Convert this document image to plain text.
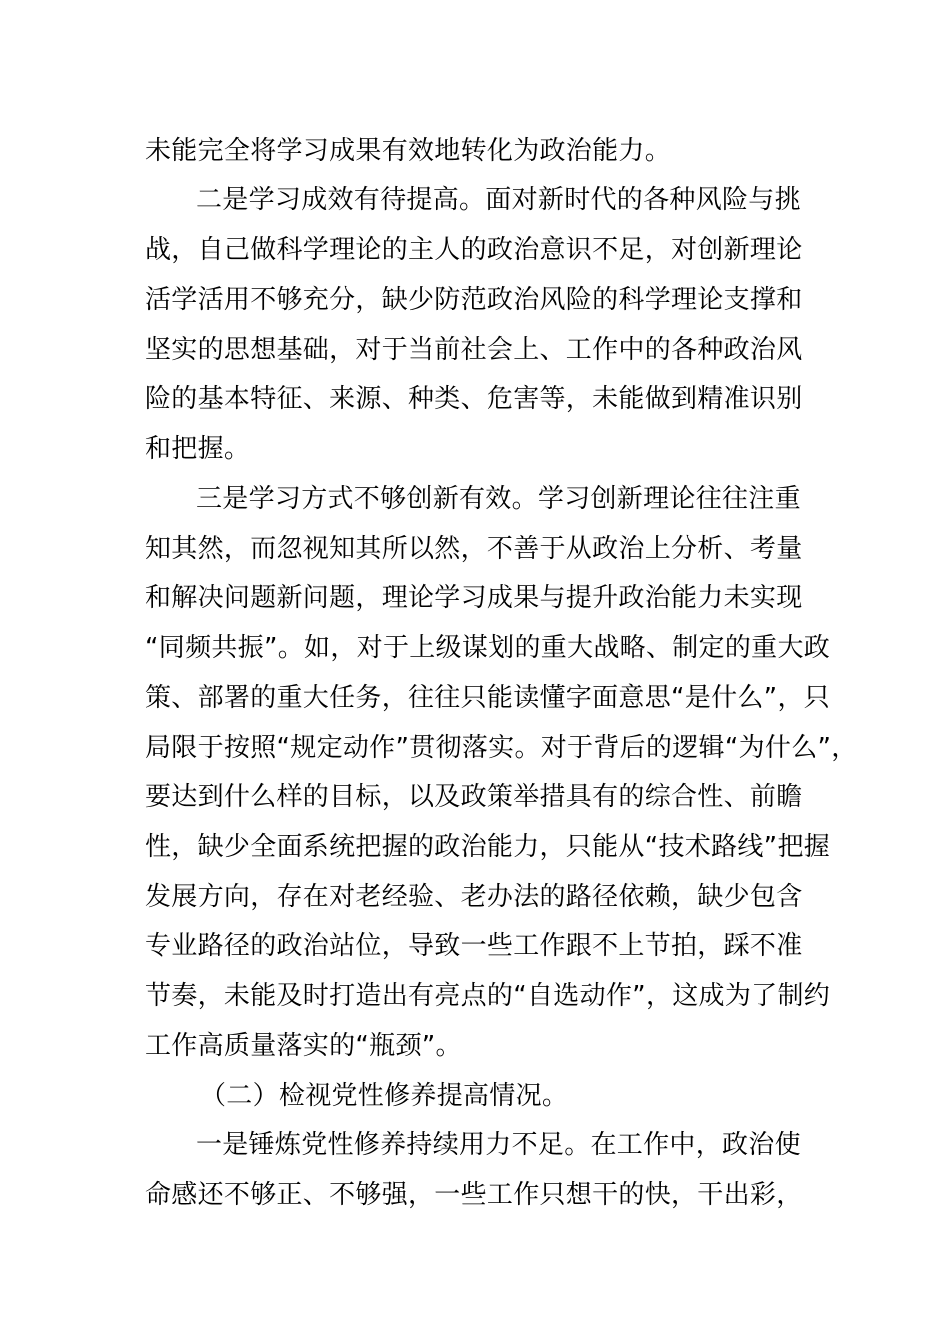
未能完全将学习成果有效地转化为政治能力。
二是学习成效有待提高。面对新时代的各种风险与挑
战，自己做科学理论的主人的政治意识不足，对创新理论
活学活用不够充分，缺少防范政治风险的科学理论支撑和
坚实的思想基础，对于当前社会上、工作中的各种政治风
险的基本特征、来源、种类、危害等，未能做到精准识别
和把握。
三是学习方式不够创新有效。学习创新理论往往注重
知其然，而忽视知其所以然，不善于从政治上分析、考量
和解决问题新问题，理论学习成果与提升政治能力未实现
“同频共振”。如，对于上级谋划的重大战略、制定的重大政
策、部署的重大任务，往往只能读懂字面意思“是什么”，只
局限于按照“规定动作”贯彻落实。对于背后的逻辑“为什么”，
要达到什么样的目标，以及政策举措具有的综合性、前瞻
性，缺少全面系统把握的政治能力，只能从“技术路线”把握
发展方向，存在对老经验、老办法的路径依赖，缺少包含
专业路径的政治站位，导致一些工作跟不上节拍，踩不准
节奏，未能及时打造出有亮点的“自选动作”，这成为了制约
工作高质量落实的“瓶颈”。
（二）检视党性修养提高情况。
一是锤炼党性修养持续用力不足。在工作中，政治使
命感还不够正、不够强，一些工作只想干的快，干出彩，
